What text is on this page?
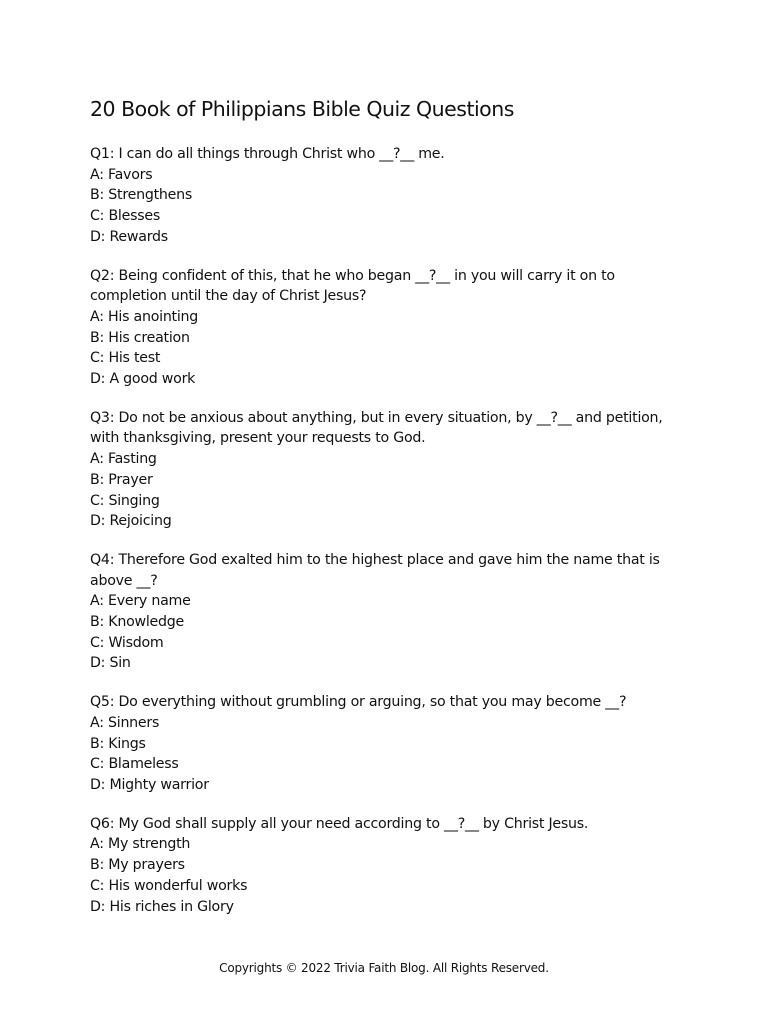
20 Book of Philippians Bible Quiz Questions

Q1: I can do all things through Christ who __?__ me.

A: Favors

B: Strengthens

C: Blesses

D: Rewards

Q2: Being confident of this, that he who began __?__ in you will carry it on to completion until the day of Christ Jesus?

A: His anointing

B: His creation

C: His test

D: A good work

Q3: Do not be anxious about anything, but in every situation, by __?__ and petition, with thanksgiving, present your requests to God.

A: Fasting

B: Prayer

C: Singing

D: Rejoicing

Q4: Therefore God exalted him to the highest place and gave him the name that is above __?

A: Every name

B: Knowledge

C: Wisdom

D: Sin

Q5: Do everything without grumbling or arguing, so that you may become __?

A: Sinners

B: Kings

C: Blameless

D: Mighty warrior

Q6: My God shall supply all your need according to __?__ by Christ Jesus.

A: My strength

B: My prayers

C: His wonderful works

D: His riches in Glory

Copyrights © 2022 Trivia Faith Blog. All Rights Reserved.
